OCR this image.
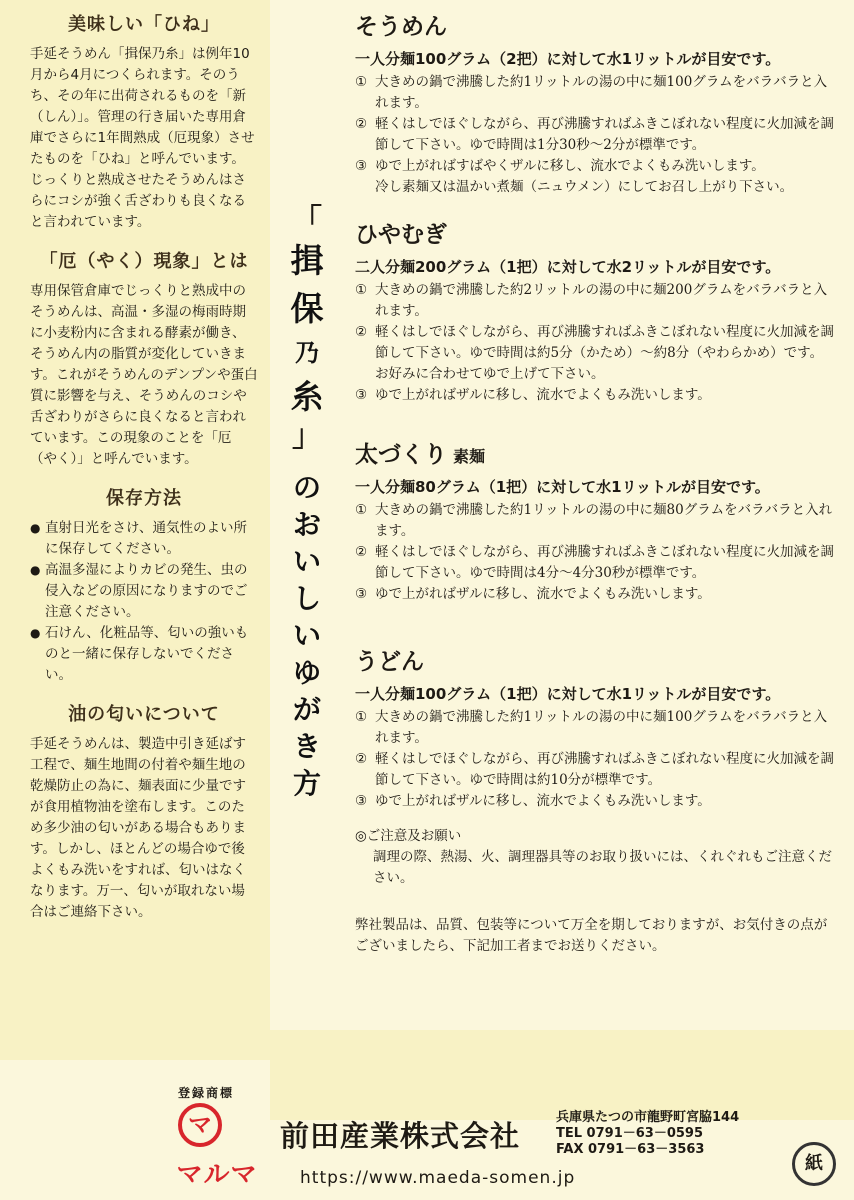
美味しい「ひね」

手延そうめん「揖保乃糸」は例年10月から4月につくられます。そのうち、その年に出荷されるものを「新（しん）」。管理の行き届いた専用倉庫でさらに1年間熟成（厄現象）させたものを「ひね」と呼んでいます。じっくりと熟成させたそうめんはさらにコシが強く舌ざわりも良くなると言われています。

「厄（やく）現象」とは

専用保管倉庫でじっくりと熟成中のそうめんは、高温・多湿の梅雨時期に小麦粉内に含まれる酵素が働き、そうめん内の脂質が変化していきます。これがそうめんのデンプンや蛋白質に影響を与え、そうめんのコシや舌ざわりがさらに良くなると言われています。この現象のことを「厄（やく）」と呼んでいます。

保存方法
● 直射日光をさけ、通気性のよい所に保存してください。
● 高温多湿によりカビの発生、虫の侵入などの原因になりますのでご注意ください。
● 石けん、化粧品等、匂いの強いものと一緒に保存しないでください。
油の匂いについて

手延そうめんは、製造中引き延ばす工程で、麺生地間の付着や麺生地の乾燥防止の為に、麺表面に少量ですが食用植物油を塗布します。このため多少油の匂いがある場合もあります。しかし、ほとんどの場合ゆで後よくもみ洗いをすれば、匂いはなくなります。万一、匂いが取れない場合はご連絡下さい。

「
揖
保
乃
糸
」
の
お
い
し
い
ゆ
が
き
方
そうめん

一人分麺100グラム（2把）に対して水1リットルが目安です。

① 大きめの鍋で沸騰した約1リットルの湯の中に麺100グラムをバラバラと入れます。
② 軽くはしでほぐしながら、再び沸騰すればふきこぼれない程度に火加減を調節して下さい。ゆで時間は1分30秒〜2分が標準です。
③ ゆで上がればすばやくザルに移し、流水でよくもみ洗いします。
冷し素麺又は温かい煮麺（ニュウメン）にしてお召し上がり下さい。
ひやむぎ

二人分麺200グラム（1把）に対して水2リットルが目安です。

① 大きめの鍋で沸騰した約2リットルの湯の中に麺200グラムをバラバラと入れます。
② 軽くはしでほぐしながら、再び沸騰すればふきこぼれない程度に火加減を調節して下さい。ゆで時間は約5分（かため）〜約8分（やわらかめ）です。お好みに合わせてゆで上げて下さい。
③ ゆで上がればザルに移し、流水でよくもみ洗いします。
太づくり 素麺

一人分麺80グラム（1把）に対して水1リットルが目安です。

① 大きめの鍋で沸騰した約1リットルの湯の中に麺80グラムをバラバラと入れます。
② 軽くはしでほぐしながら、再び沸騰すればふきこぼれない程度に火加減を調節して下さい。ゆで時間は4分〜4分30秒が標準です。
③ ゆで上がればザルに移し、流水でよくもみ洗いします。
うどん

一人分麺100グラム（1把）に対して水1リットルが目安です。

① 大きめの鍋で沸騰した約1リットルの湯の中に麺100グラムをバラバラと入れます。
② 軽くはしでほぐしながら、再び沸騰すればふきこぼれない程度に火加減を調節して下さい。ゆで時間は約10分が標準です。
③ ゆで上がればザルに移し、流水でよくもみ洗いします。
◎ご注意及お願い
調理の際、熱湯、火、調理器具等のお取り扱いには、くれぐれもご注意ください。

弊社製品は、品質、包装等について万全を期しておりますが、お気付きの点がございましたら、下記加工者までお送りください。

登録商標
マ
マルマ
前田産業株式会社
兵庫県たつの市龍野町宮脇144
TEL 0791－63－0595
FAX 0791－63－3563
https://www.maeda-somen.jp
紙
